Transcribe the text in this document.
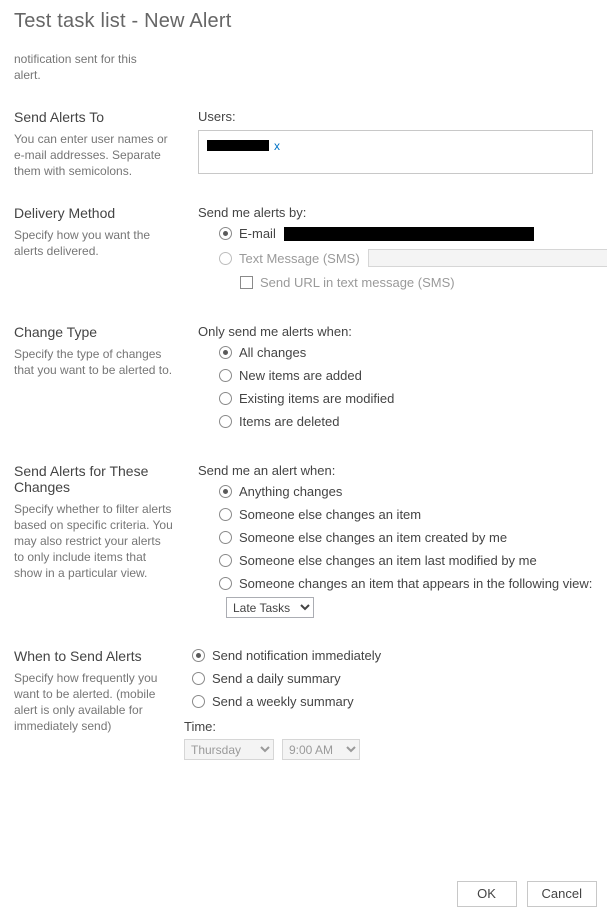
Test task list - New Alert

notification sent for this alert.

Send Alerts To

You can enter user names or e-mail addresses. Separate them with semicolons.

Users:
x
Delivery Method

Specify how you want the alerts delivered.

Send me alerts by:
E-mail
Text Message (SMS)
Send URL in text message (SMS)
Change Type

Specify the type of changes that you want to be alerted to.

Only send me alerts when:
All changes
New items are added
Existing items are modified
Items are deleted
Send Alerts for These Changes

Specify whether to filter alerts based on specific criteria. You may also restrict your alerts to only include items that show in a particular view.

Send me an alert when:
Anything changes
Someone else changes an item
Someone else changes an item created by me
Someone else changes an item last modified by me
Someone changes an item that appears in the following view:
Late Tasks
When to Send Alerts

Specify how frequently you want to be alerted. (mobile alert is only available for immediately send)

Send notification immediately
Send a daily summary
Send a weekly summary
Time:
Thursday
9:00 AM
OK	Cancel
